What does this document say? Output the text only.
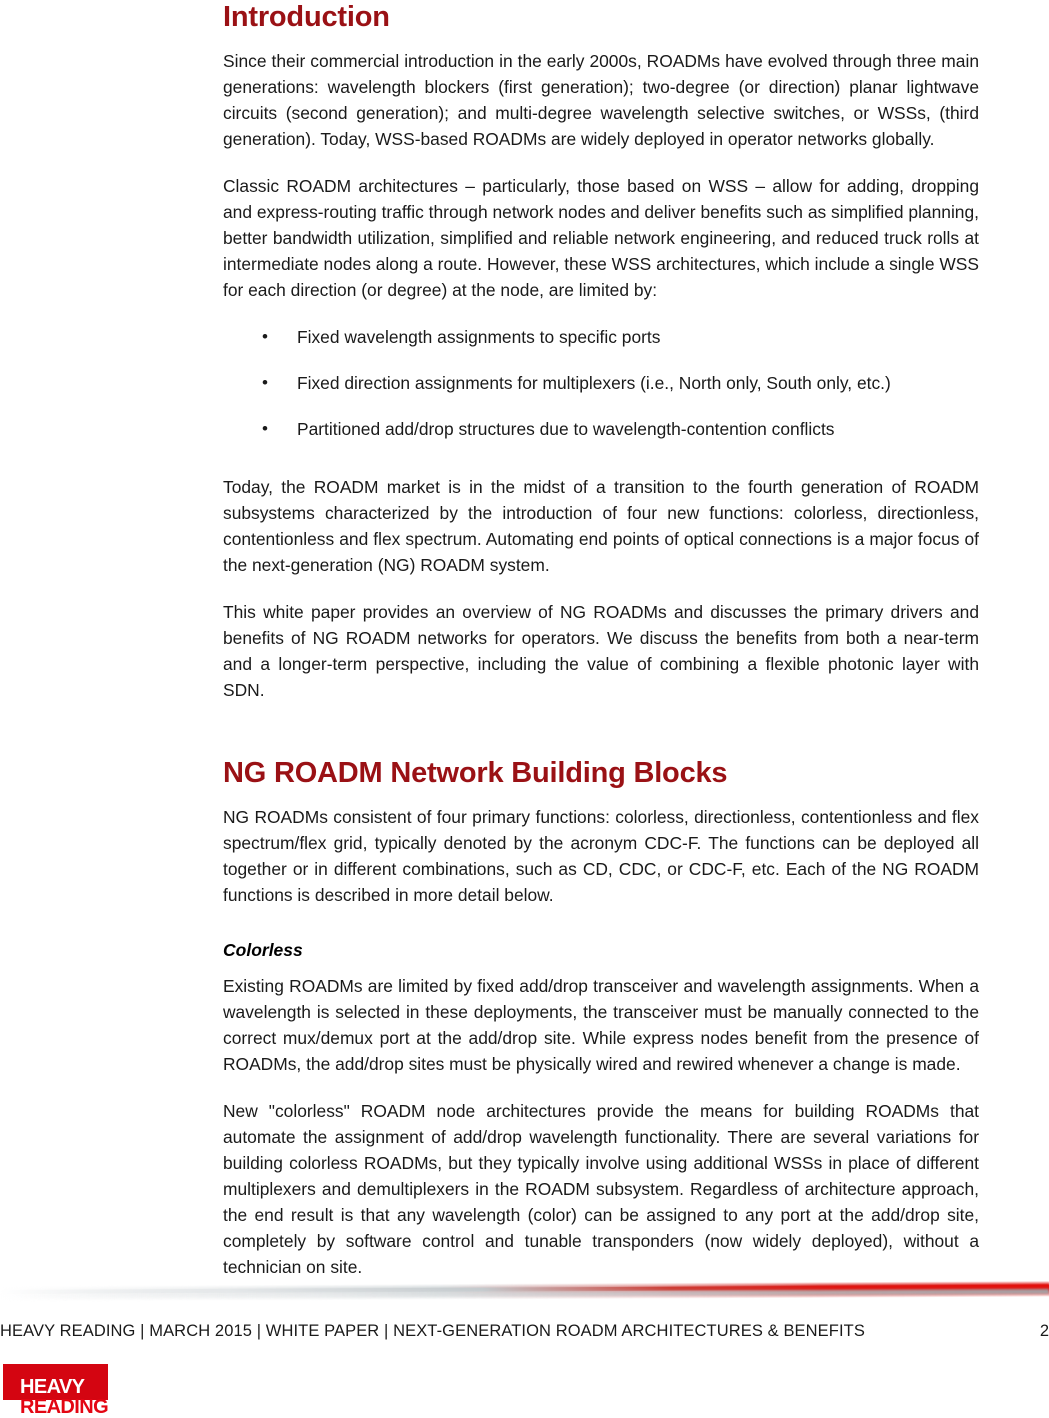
Introduction

Since their commercial introduction in the early 2000s, ROADMs have evolved through three main generations: wavelength blockers (first generation); two-degree (or direction) planar lightwave circuits (second generation); and multi-degree wavelength selective switches, or WSSs, (third generation). Today, WSS-based ROADMs are widely deployed in operator networks globally.

Classic ROADM architectures – particularly, those based on WSS – allow for adding, dropping and express-routing traffic through network nodes and deliver benefits such as simplified planning, better bandwidth utilization, simplified and reliable network engineering, and reduced truck rolls at intermediate nodes along a route. However, these WSS architectures, which include a single WSS for each direction (or degree) at the node, are limited by:

• Fixed wavelength assignments to specific ports
• Fixed direction assignments for multiplexers (i.e., North only, South only, etc.)
• Partitioned add/drop structures due to wavelength-contention conflicts

Today, the ROADM market is in the midst of a transition to the fourth generation of ROADM subsystems characterized by the introduction of four new functions: colorless, directionless, contentionless and flex spectrum. Automating end points of optical connections is a major focus of the next-generation (NG) ROADM system.

This white paper provides an overview of NG ROADMs and discusses the primary drivers and benefits of NG ROADM networks for operators. We discuss the benefits from both a near-term and a longer-term perspective, including the value of combining a flexible photonic layer with SDN.

NG ROADM Network Building Blocks

NG ROADMs consistent of four primary functions: colorless, directionless, contentionless and flex spectrum/flex grid, typically denoted by the acronym CDC-F. The functions can be deployed all together or in different combinations, such as CD, CDC, or CDC-F, etc. Each of the NG ROADM functions is described in more detail below.

Colorless

Existing ROADMs are limited by fixed add/drop transceiver and wavelength assignments. When a wavelength is selected in these deployments, the transceiver must be manually connected to the correct mux/demux port at the add/drop site. While express nodes benefit from the presence of ROADMs, the add/drop sites must be physically wired and rewired whenever a change is made.

New "colorless" ROADM node architectures provide the means for building ROADMs that automate the assignment of add/drop wavelength functionality. There are several variations for building colorless ROADMs, but they typically involve using additional WSSs in place of different multiplexers and demultiplexers in the ROADM subsystem. Regardless of architecture approach, the end result is that any wavelength (color) can be assigned to any port at the add/drop site, completely by software control and tunable transponders (now widely deployed), without a technician on site.

HEAVY READING | MARCH 2015 | WHITE PAPER | NEXT-GENERATION ROADM ARCHITECTURES & BENEFITS	2
HEAVY
READING
